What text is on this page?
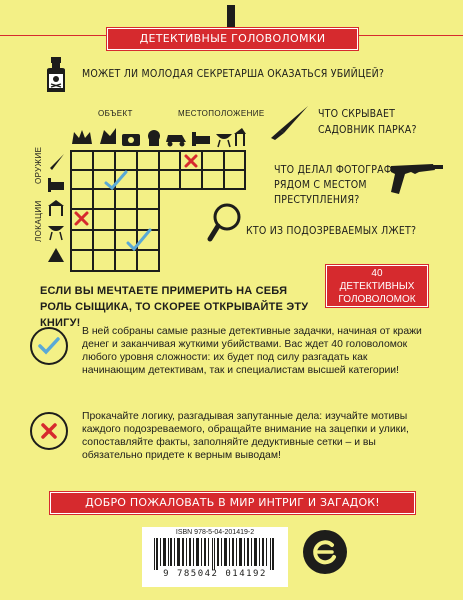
ДЕТЕКТИВНЫЕ ГОЛОВОЛОМКИ
МОЖЕТ ЛИ МОЛОДАЯ СЕКРЕТАРША ОКАЗАТЬСЯ УБИЙЦЕЙ?
ЧТО СКРЫВАЕТ
САДОВНИК ПАРКА?
ЧТО ДЕЛАЛ ФОТОГРАФ
РЯДОМ С МЕСТОМ
ПРЕСТУПЛЕНИЯ?
КТО ИЗ ПОДОЗРЕВАЕМЫХ ЛЖЕТ?
ОБЪЕКТ	МЕСТОПОЛОЖЕНИЕ
ОРУЖИЕ
ЛОКАЦИИ
40
ДЕТЕКТИВНЫХ
ГОЛОВОЛОМОК
ЕСЛИ ВЫ МЕЧТАЕТЕ ПРИМЕРИТЬ НА СЕБЯ РОЛЬ СЫЩИКА, ТО СКОРЕЕ ОТКРЫВАЙТЕ ЭТУ КНИГУ!
В ней собраны самые разные детективные задачки, начиная от кражи денег и заканчивая жуткими убийствами. Вас ждет 40 головоломок любого уровня сложности: их будет под силу разгадать как начинающим детективам, так и специалистам высшей категории!
Прокачайте логику, разгадывая запутанные дела: изучайте мотивы каждого подозреваемого, обращайте внимание на зацепки и улики, сопоставляйте факты, заполняйте дедуктивные сетки – и вы обязательно придете к верным выводам!
ДОБРО ПОЖАЛОВАТЬ В МИР ИНТРИГ И ЗАГАДОК!
ISBN 978-5-04-201419-2
9 785042 014192
